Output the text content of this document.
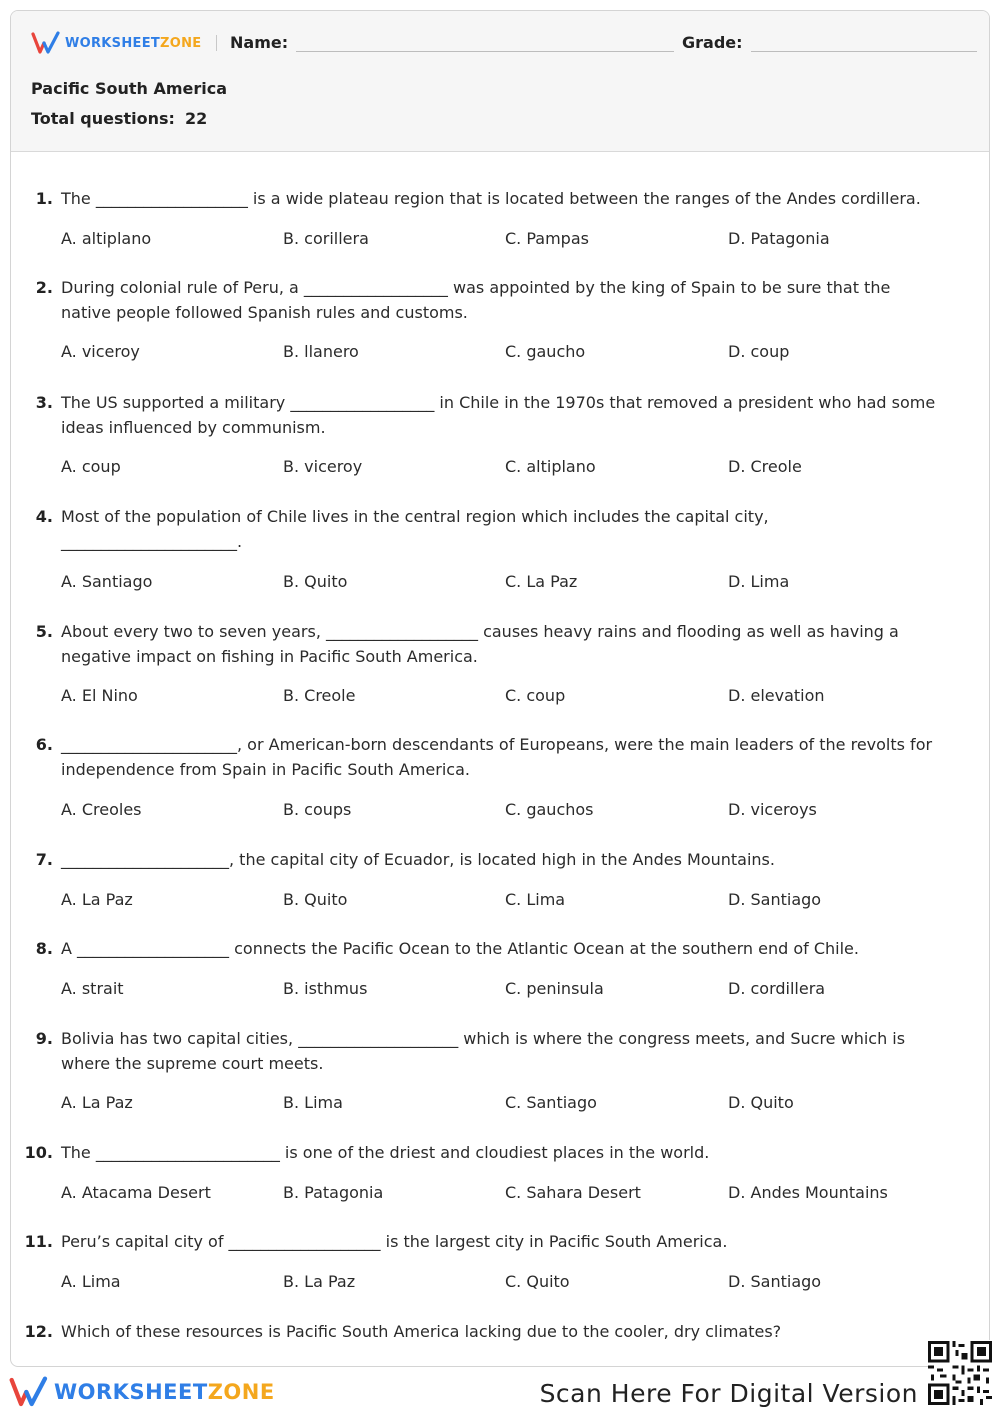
WORKSHEETZONE Name:	Grade:
Pacific South America
Total questions: 22
1. The ___________________ is a wide plateau region that is located between the ranges of the Andes cordillera.
A. altiplano	B. corillera	C. Pampas	D. Patagonia
2. During colonial rule of Peru, a __________________ was appointed by the king of Spain to be sure that the native people followed Spanish rules and customs.
A. viceroy	B. llanero	C. gaucho	D. coup
3. The US supported a military __________________ in Chile in the 1970s that removed a president who had some ideas influenced by communism.
A. coup	B. viceroy	C. altiplano	D. Creole
4. Most of the population of Chile lives in the central region which includes the capital city, ______________________.
A. Santiago	B. Quito	C. La Paz	D. Lima
5. About every two to seven years, ___________________ causes heavy rains and flooding as well as having a negative impact on fishing in Pacific South America.
A. El Nino	B. Creole	C. coup	D. elevation
6. ______________________, or American-born descendants of Europeans, were the main leaders of the revolts for independence from Spain in Pacific South America.
A. Creoles	B. coups	C. gauchos	D. viceroys
7. _____________________, the capital city of Ecuador, is located high in the Andes Mountains.
A. La Paz	B. Quito	C. Lima	D. Santiago
8. A ___________________ connects the Pacific Ocean to the Atlantic Ocean at the southern end of Chile.
A. strait	B. isthmus	C. peninsula	D. cordillera
9. Bolivia has two capital cities, ____________________ which is where the congress meets, and Sucre which is where the supreme court meets.
A. La Paz	B. Lima	C. Santiago	D. Quito
10. The _______________________ is one of the driest and cloudiest places in the world.
A. Atacama Desert	B. Patagonia	C. Sahara Desert	D. Andes Mountains
11. Peru’s capital city of ___________________ is the largest city in Pacific South America.
A. Lima	B. La Paz	C. Quito	D. Santiago
12. Which of these resources is Pacific South America lacking due to the cooler, dry climates?
WORKSHEETZONE	Scan Here For Digital Version
